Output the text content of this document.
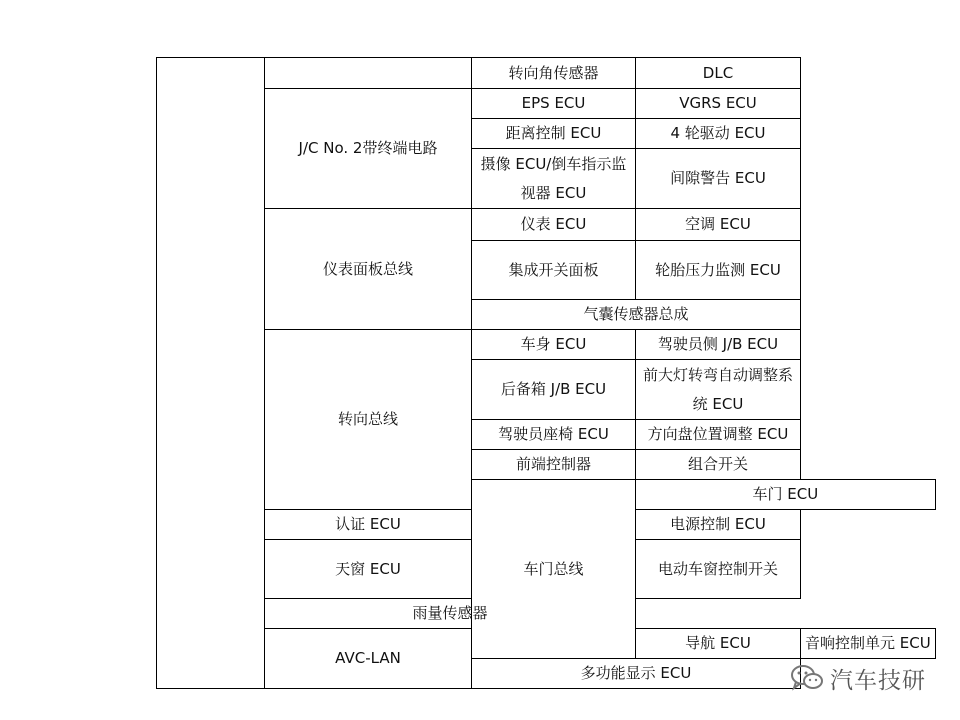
		转向角传感器	DLC	
	J/C No. 2带终端电路	EPS ECU	VGRS ECU	
		距离控制 ECU	4 轮驱动 ECU	
		摄像 ECU/倒车指示监视器 ECU	间隙警告 ECU	

	仪表面板总线	仪表 ECU	空调 ECU	
		集成开关面板	轮胎压力监测 ECU	

		气囊传感器总成		
	转向总线	车身 ECU	驾驶员侧 J/B ECU	
		后备箱 J/B ECU	前大灯转弯自动调整系统 ECU	

		驾驶员座椅 ECU	方向盘位置调整 ECU	
		前端控制器	组合开关	
		车门总线	车门 ECU	
	认证 ECU		电源控制 ECU	
	天窗 ECU		电动车窗控制开关	

	雨量传感器			
	AVC-LAN		导航 ECU	音响控制单元 ECU
		多功能显示 ECU			汽车技研
